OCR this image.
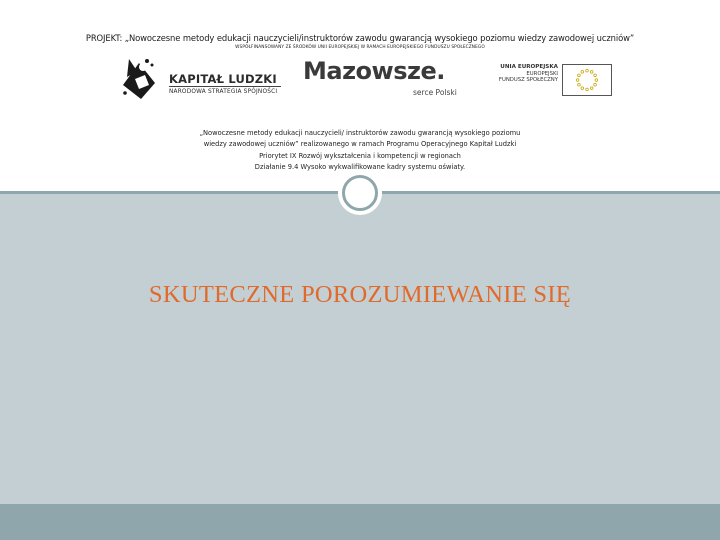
PROJEKT: „Nowoczesne metody edukacji nauczycieli/instruktorów zawodu gwarancją wysokiego poziomu wiedzy zawodowej uczniów”
WSPÓŁFINANSOWANY ZE ŚRODKÓW UNII EUROPEJSKIEJ W RAMACH EUROPEJSKIEGO FUNDUSZU SPOŁECZNEGO
KAPITAŁ LUDZKI
NARODOWA STRATEGIA SPÓJNOŚCI
Mazowsze.
serce Polski
UNIA EUROPEJSKA
EUROPEJSKI
FUNDUSZ SPOŁECZNY
„Nowoczesne metody edukacji nauczycieli/ instruktorów zawodu gwarancją wysokiego poziomu
wiedzy zawodowej uczniów” realizowanego w ramach Programu Operacyjnego Kapitał Ludzki
Priorytet IX Rozwój wykształcenia i kompetencji w regionach
Działanie 9.4 Wysoko wykwalifikowane kadry systemu oświaty.
SKUTECZNE POROZUMIEWANIE SIĘ
